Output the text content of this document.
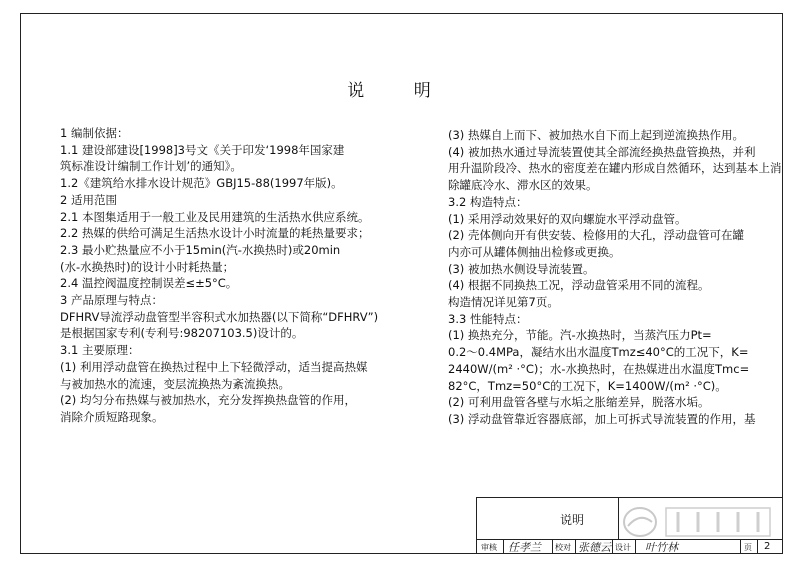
说 明

1 编制依据：

1.1 建设部建设[1998]3号文《关于印发‘1998年国家建

筑标准设计编制工作计划’的通知》。

1.2《建筑给水排水设计规范》GBJ15-88(1997年版)。

2 适用范围

2.1 本图集适用于一般工业及民用建筑的生活热水供应系统。

2.2 热媒的供给可满足生活热水设计小时流量的耗热量要求；

2.3 最小贮热量应不小于15min(汽-水换热时)或20min

(水-水换热时)的设计小时耗热量；

2.4 温控阀温度控制误差≤±5°C。

3 产品原理与特点：

DFHRV导流浮动盘管型半容积式水加热器(以下简称“DFHRV”)

是根据国家专利(专利号:98207103.5)设计的。

3.1 主要原理：

(1) 利用浮动盘管在换热过程中上下轻微浮动，适当提高热媒

与被加热水的流速，变层流换热为紊流换热。

(2) 均匀分布热媒与被加热水，充分发挥换热盘管的作用，

消除介质短路现象。

(3) 热媒自上而下、被加热水自下而上起到逆流换热作用。

(4) 被加热水通过导流装置使其全部流经换热盘管换热，并利

用升温阶段冷、热水的密度差在罐内形成自然循环，达到基本上消

除罐底冷水、滞水区的效果。

3.2 构造特点：

(1) 采用浮动效果好的双向螺旋水平浮动盘管。

(2) 壳体侧向开有供安装、检修用的大孔，浮动盘管可在罐

内亦可从罐体侧抽出检修或更换。

(3) 被加热水侧设导流装置。

(4) 根据不同换热工况，浮动盘管采用不同的流程。

构造情况详见第7页。

3.3 性能特点：

(1) 换热充分，节能。汽-水换热时，当蒸汽压力Pt=

0.2～0.4MPa，凝结水出水温度Tmz≤40°C的工况下，K=

2440W/(m² ·°C)；水-水换热时，在热媒进出水温度Tmc=

82°C，Tmz=50°C的工况下，K=1400W/(m² ·°C)。

(2) 可利用盘管各壁与水垢之胀缩差异，脱落水垢。

(3) 浮动盘管靠近容器底部，加上可拆式导流装置的作用，基

说明
审核 任孝兰 校对 张德云 设计 叶竹林	页 2
